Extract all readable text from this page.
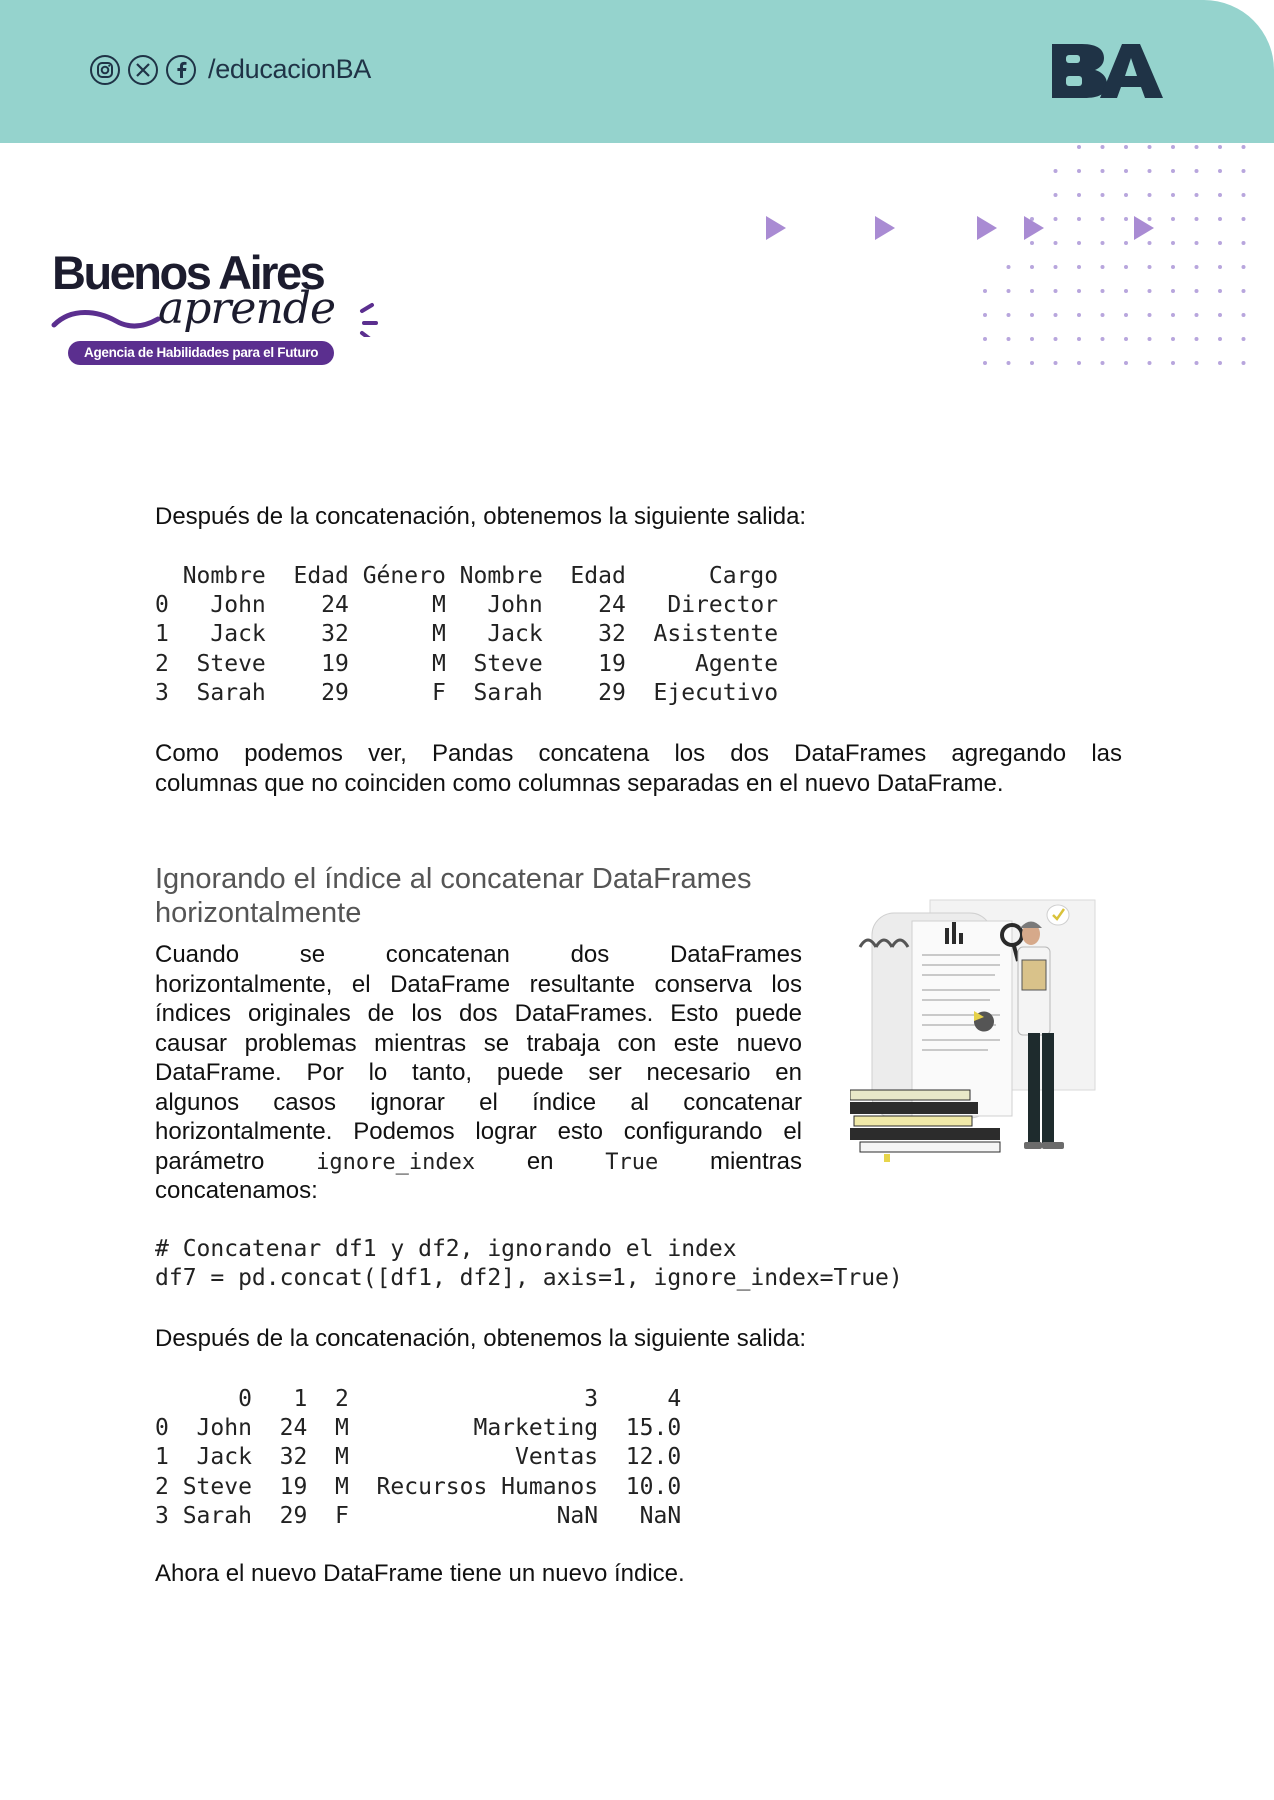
/educacionBA
Buenos Aires
aprende
Agencia de Habilidades para el Futuro

Después de la concatenación, obtenemos la siguiente salida:

Nombre  Edad Género Nombre  Edad      Cargo
0   John    24      M   John    24   Director
1   Jack    32      M   Jack    32  Asistente
2  Steve    19      M  Steve    19     Agente
3  Sarah    29      F  Sarah    29  Ejecutivo

Como podemos ver, Pandas concatena los dos DataFrames agregando las

columnas que no coinciden como columnas separadas en el nuevo DataFrame.

Ignorando el índice al concatenar DataFrames
horizontalmente

Cuando se concatenan dos DataFrames

horizontalmente, el DataFrame resultante conserva los

índices originales de los dos DataFrames. Esto puede

causar problemas mientras se trabaja con este nuevo

DataFrame. Por lo tanto, puede ser necesario en

algunos casos ignorar el índice al concatenar

horizontalmente. Podemos lograr esto configurando el

parámetro ignore_index en True mientras

concatenamos:

# Concatenar df1 y df2, ignorando el index
df7 = pd.concat([df1, df2], axis=1, ignore_index=True)

Después de la concatenación, obtenemos la siguiente salida:

0   1  2                 3     4
0  John  24  M         Marketing  15.0
1  Jack  32  M            Ventas  12.0
2 Steve  19  M  Recursos Humanos  10.0
3 Sarah  29  F               NaN   NaN

Ahora el nuevo DataFrame tiene un nuevo índice.
